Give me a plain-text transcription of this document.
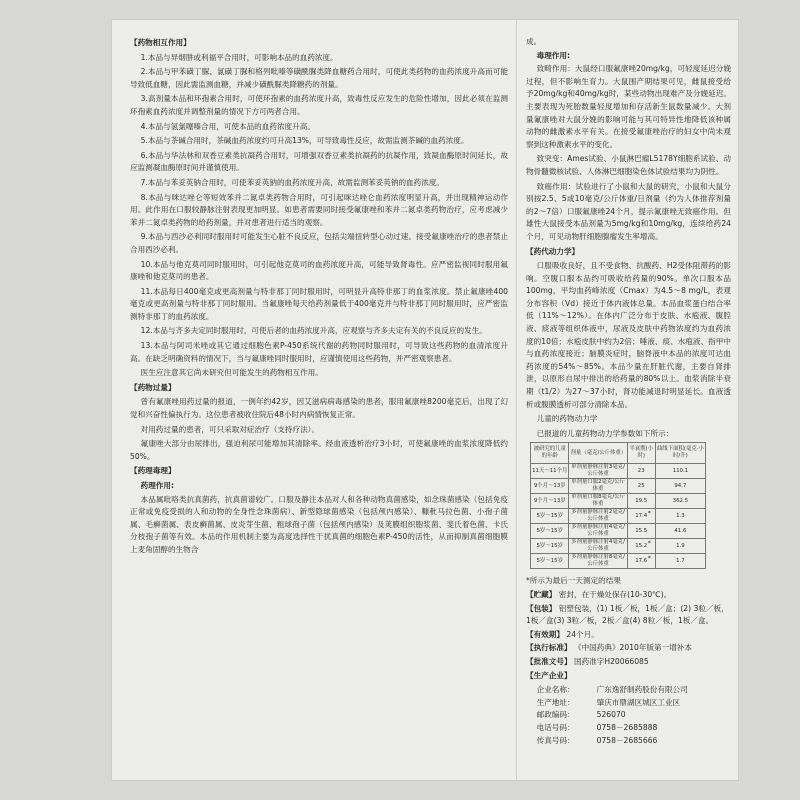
【药物相互作用】
1.本品与异烟肼或利福平合用时，可影响本品的血药浓度。
2.本品与甲苯磺丁脲、氯磺丁脲和格列吡嗪等磺酰脲类降血糖药合用时，可使此类药物的血药浓度升高而可能导致低血糖，因此需监测血糖，并减少磺酰脲类降糖药的剂量。
3.高剂量本品和环孢素合用时，可使环孢素的血药浓度升高，致毒性反应发生的危险性增加，因此必须在监测环孢素血药浓度并调整剂量的情况下方可两者合用。
4.本品与氢氯噻嗪合用，可使本品的血药浓度升高。
5.本品与茶碱合用时，茶碱血药浓度约可升高13%，可导致毒性反应，故需监测茶碱的血药浓度。
6.本品与华法林和双香豆素类抗凝药合用时，可增强双香豆素类抗凝药的抗凝作用，致凝血酶原时间延长，故应监测凝血酶原时间并谨慎使用。
7.本品与苯妥英钠合用时，可使苯妥英钠的血药浓度升高，故需监测苯妥英钠的血药浓度。
8.本品与咪达唑仑等短效苯并二氮卓类药物合用时，可引起咪达唑仑血药浓度明显升高，并出现精神运动作用。此作用在口服较静脉注射表现更加明显。如患者需要同时接受氟康唑和苯并二氮卓类药物治疗，应考虑减少苯并二氮卓类药物的给药剂量，并对患者进行适当的观察。
9.本品与西沙必利同时服用时可能发生心脏不良反应，包括尖端扭转型心动过速。接受氟康唑治疗的患者禁止合用西沙必利。
10.本品与他克莫司同时服用时，可引起他克莫司的血药浓度升高，可能导致肾毒性。应严密监视同时服用氟康唑和他克莫司的患者。
11.本品每日400毫克或更高剂量与特非那丁同时服用时，可明显升高特非那丁的血浆浓度。禁止氟康唑400毫克或更高剂量与特非那丁同时服用。当氟康唑每天给药剂量低于400毫克并与特非那丁同时服用时，应严密监测特非那丁的血药浓度。
12.本品与齐多夫定同时服用时，可使后者的血药浓度升高，应观察与齐多夫定有关的不良反应的发生。
13.本品与阿司米唑或其它通过细胞色素P-450系统代谢的药物同时服用时，可导致这些药物的血清浓度升高。在缺乏明确资料的情况下，当与氟康唑同时服用时，应谨慎使用这些药物，并严密观察患者。
医生应注意其它尚未研究但可能发生的药物相互作用。
【药物过量】
曾有氟康唑用药过量的报道，一例年约42岁，因艾滋病病毒感染的患者，服用氟康唑8200毫克后，出现了幻觉和兴奋性偏执行为。这位患者被收住院后48小时内病情恢复正常。
对用药过量的患者，可只采取对症治疗（支持疗法）。
氟康唑大部分由尿排出，强迫利尿可能增加其清除率。经血液透析治疗3小时，可使氟康唑的血浆浓度降低约50%。
【药理毒理】
药理作用:
本品属吡咯类抗真菌药，抗真菌谱较广。口服及静注本品对人和各种动物真菌感染，如念珠菌感染（包括免疫正常或免疫受损的人和动物的全身性念珠菌病）、新型隐球菌感染（包括颅内感染）、糠秕马拉色菌、小孢子菌属、毛癣菌属、表皮癣菌属、皮炎芽生菌、粗球孢子菌（包括颅内感染）及荚膜组织胞浆菌、斐氏着色菌、卡氏分枝孢子菌等有效。本品的作用机制主要为高度选择性干扰真菌的细胞色素P-450的活性，从而抑制真菌细胞膜上麦角固醇的生物合
成。
毒理作用:
致畸作用：大鼠经口服氟康唑20mg/kg，可轻度延迟分娩过程，但不影响生育力。大鼠围产期结果可见，雌鼠接受给予20mg/kg和40mg/kg时，某些动物出现难产及分娩延迟。主要表现为死胎数量轻度增加和存活新生鼠数量减少。大剂量氟康唑对大鼠分娩的影响可能与其可特异性地降低该种属动物的雌激素水平有关。在接受氟康唑治疗的妇女中尚未观察到这种激素水平的变化。
致突变：Ames试验、小鼠淋巴瘤L5178Y细胞系试验、动物骨髓微核试验、人体淋巴细胞染色体试验结果均为阴性。
致癌作用：试验进行了小鼠和大鼠的研究，小鼠和大鼠分别按2.5、5或10毫克/公斤体重/日剂量（约为人体推荐剂量的2～7倍）口服氟康唑24个月，提示氟康唑无致癌作用。但雄性大鼠接受本品剂量为5mg/kg和10mg/kg，连续给药24个月，可见动物肝细胞腺瘤发生率增高。
【药代动力学】
口服吸收良好，且不受食物、抗酸药、H2受体阻滞药的影响。空腹口服本品约可吸收给药量的90%。单次口服本品100mg，平均血药峰浓度（Cmax）为4.5～8 mg/L，表观分布容积（Vd）接近于体内液体总量。本品血浆蛋白结合率低（11%～12%）。在体内广泛分布于皮肤、水疱液、腹腔液、痰液等组织体液中，尿液及皮肤中药物浓度约为血药浓度的10倍；水疱皮肤中约为2倍；唾液、痰、水疱液、指甲中与血药浓度接近；脑膜炎症时，脑脊液中本品的浓度可达血药浓度的54%～85%。本品少量在肝脏代谢，主要自肾排泄，以原形自尿中排出的给药量的80%以上。血浆消除半衰期（t1/2）为27～37小时，肾功能减退时明显延长。血液透析或腹膜透析可部分清除本品。
儿童的药物动力学
已报道的儿童药物动力学参数如下所示：
被研究的儿童的年龄	剂量（毫克/公斤体重）	半衰期(小时)	曲线下面积(毫克·小时/升)
11天～11个月	单剂量静脉注射3毫克/公斤体重	23	110.1
9个月～13岁	单剂量口服2毫克/公斤体重	25	94.7
9个月～13岁	单剂量口服8毫克/公斤体重	19.5	362.5
5岁～15岁	多剂量静脉注射2毫克/公斤体重	17.4 *	1.3
5岁～15岁	多剂量静脉注射4毫克/公斤体重	15.5	41.6
5岁～15岁	多剂量静脉注射4毫克/公斤体重	15.2 *	1.9
5岁～15岁	多剂量静脉注射8毫克/公斤体重	17.6 *	1.7
*所示为最后一天测定的结果
【贮藏】 密封，在干燥处保存(10-30℃)。
【包装】 铝塑包装，(1) 1板／板，1板／盒；(2) 3粒／板，1板／盒(3) 3粒／板，2板／盒(4) 8粒／板，1板／盒。
【有效期】 24个月。
【执行标准】 《中国药典》2010年版第一增补本
【批准文号】 国药准字H20066085
【生产企业】
企业名称：	广东逸舒制药股份有限公司
生产地址：	肇庆市鼎湖区城区工业区
邮政编码：	526070
电话号码：	0758－2685888
传真号码：	0758－2685666
